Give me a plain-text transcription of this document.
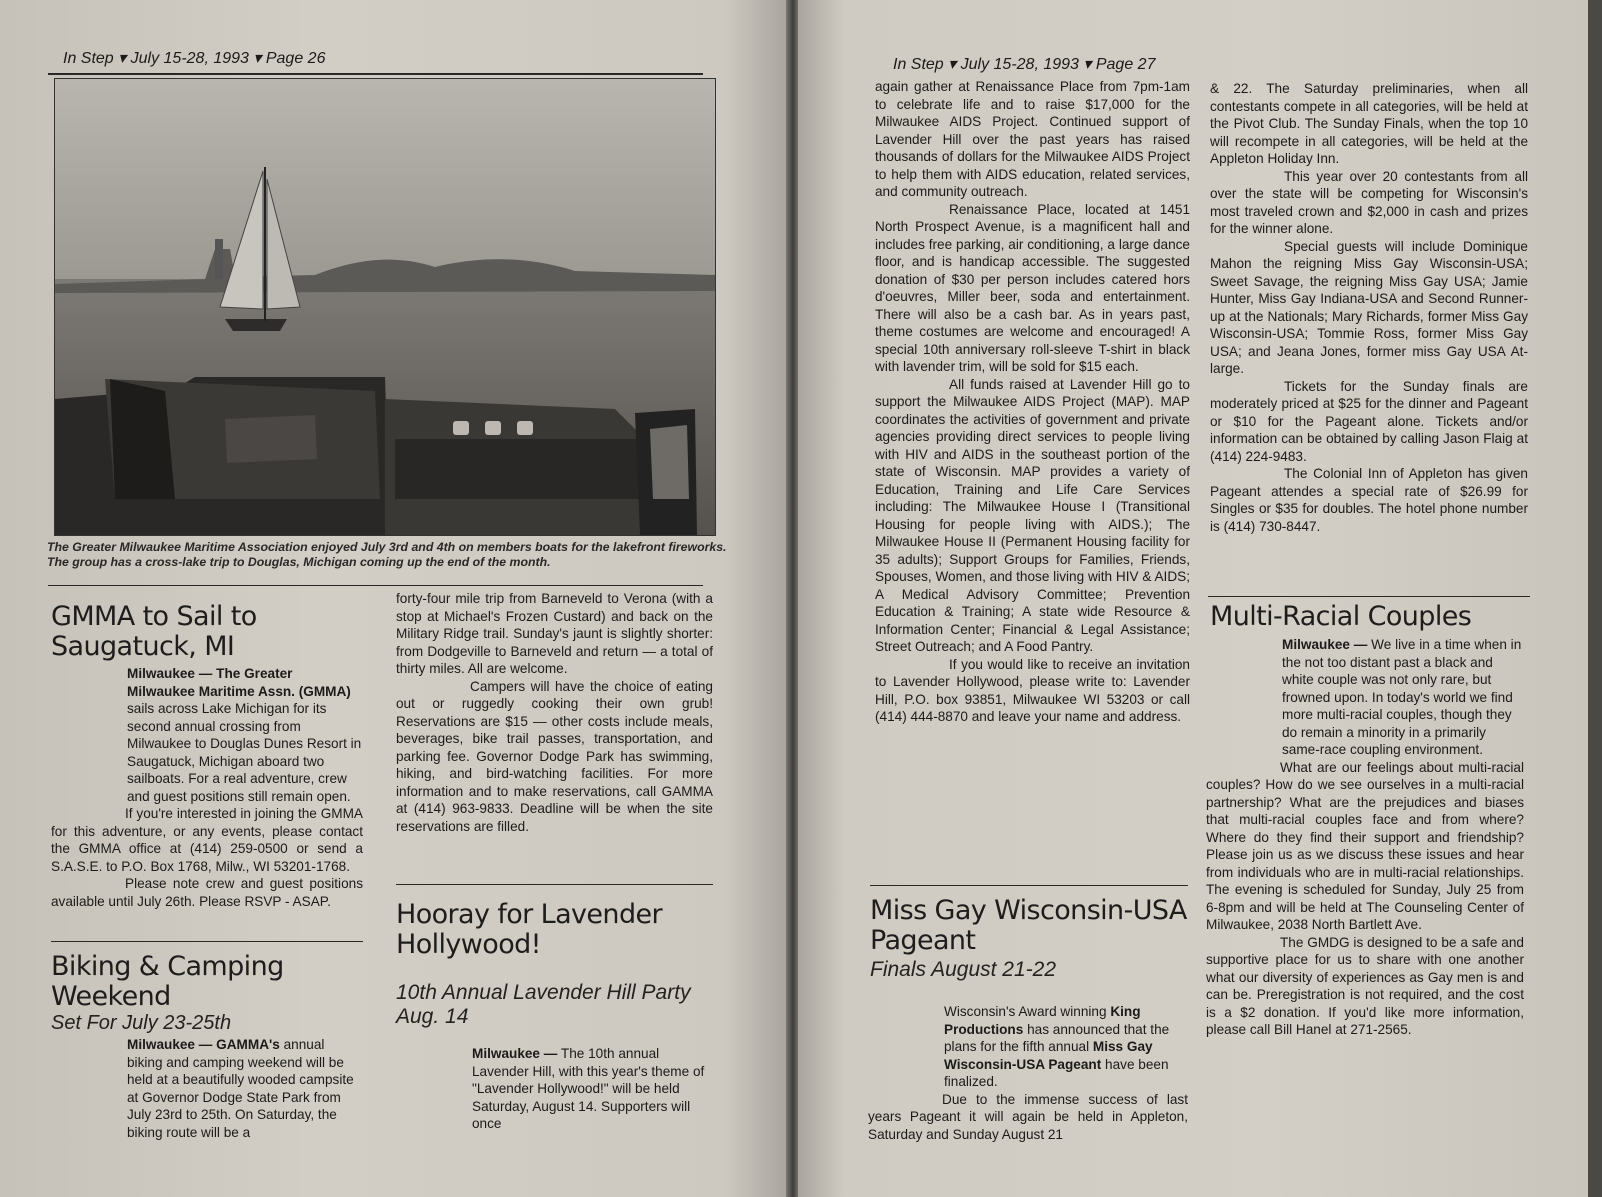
In Step ▾ July 15-28, 1993 ▾ Page 26
The Greater Milwaukee Maritime Association enjoyed July 3rd and 4th on members boats for the lakefront fireworks. The group has a cross-lake trip to Douglas, Michigan coming up the end of the month.
GMMA to Sail to Saugatuck, MI

Milwaukee — The Greater Milwaukee Maritime Assn. (GMMA) sails across Lake Michigan for its second annual crossing from Milwaukee to Douglas Dunes Resort in Saugatuck, Michigan aboard two sailboats. For a real adventure, crew and guest positions still remain open.

If you're interested in joining the GMMA for this adventure, or any events, please contact the GMMA office at (414) 259-0500 or send a S.A.S.E. to P.O. Box 1768, Milw., WI 53201-1768.

Please note crew and guest positions available until July 26th. Please RSVP - ASAP.

Biking & Camping Weekend
Set For July 23-25th

Milwaukee — GAMMA's annual biking and camping weekend will be held at a beautifully wooded campsite at Governor Dodge State Park from July 23rd to 25th. On Saturday, the biking route will be a

forty-four mile trip from Barneveld to Verona (with a stop at Michael's Frozen Custard) and back on the Military Ridge trail. Sunday's jaunt is slightly shorter: from Dodgeville to Barneveld and return — a total of thirty miles. All are welcome.

Campers will have the choice of eating out or ruggedly cooking their own grub! Reservations are $15 — other costs include meals, beverages, bike trail passes, transportation, and parking fee. Governor Dodge Park has swimming, hiking, and bird-watching facilities. For more information and to make reservations, call GAMMA at (414) 963-9833. Deadline will be when the site reservations are filled.

Hooray for Lavender Hollywood!
10th Annual Lavender Hill Party Aug. 14

Milwaukee — The 10th annual Lavender Hill, with this year's theme of "Lavender Hollywood!" will be held Saturday, August 14. Supporters will once

In Step ▾ July 15-28, 1993 ▾ Page 27

again gather at Renaissance Place from 7pm-1am to celebrate life and to raise $17,000 for the Milwaukee AIDS Project. Continued support of Lavender Hill over the past years has raised thousands of dollars for the Milwaukee AIDS Project to help them with AIDS education, related services, and community outreach.

Renaissance Place, located at 1451 North Prospect Avenue, is a magnificent hall and includes free parking, air conditioning, a large dance floor, and is handicap accessible. The suggested donation of $30 per person includes catered hors d'oeuvres, Miller beer, soda and entertainment. There will also be a cash bar. As in years past, theme costumes are welcome and encouraged! A special 10th anniversary roll-sleeve T-shirt in black with lavender trim, will be sold for $15 each.

All funds raised at Lavender Hill go to support the Milwaukee AIDS Project (MAP). MAP coordinates the activities of government and private agencies providing direct services to people living with HIV and AIDS in the southeast portion of the state of Wisconsin. MAP provides a variety of Education, Training and Life Care Services including: The Milwaukee House I (Transitional Housing for people living with AIDS.); The Milwaukee House II (Permanent Housing facility for 35 adults); Support Groups for Families, Friends, Spouses, Women, and those living with HIV & AIDS; A Medical Advisory Committee; Prevention Education & Training; A state wide Resource & Information Center; Financial & Legal Assistance; Street Outreach; and A Food Pantry.

If you would like to receive an invitation to Lavender Hollywood, please write to: Lavender Hill, P.O. box 93851, Milwaukee WI 53203 or call (414) 444-8870 and leave your name and address.

Miss Gay Wisconsin-USA Pageant
Finals August 21-22

Wisconsin's Award winning King Productions has announced that the plans for the fifth annual Miss Gay Wisconsin-USA Pageant have been finalized.

Due to the immense success of last years Pageant it will again be held in Appleton, Saturday and Sunday August 21

& 22. The Saturday preliminaries, when all contestants compete in all categories, will be held at the Pivot Club. The Sunday Finals, when the top 10 will recompete in all categories, will be held at the Appleton Holiday Inn.

This year over 20 contestants from all over the state will be competing for Wisconsin's most traveled crown and $2,000 in cash and prizes for the winner alone.

Special guests will include Dominique Mahon the reigning Miss Gay Wisconsin-USA; Sweet Savage, the reigning Miss Gay USA; Jamie Hunter, Miss Gay Indiana-USA and Second Runner-up at the Nationals; Mary Richards, former Miss Gay Wisconsin-USA; Tommie Ross, former Miss Gay USA; and Jeana Jones, former miss Gay USA At-large.

Tickets for the Sunday finals are moderately priced at $25 for the dinner and Pageant or $10 for the Pageant alone. Tickets and/or information can be obtained by calling Jason Flaig at (414) 224-9483.

The Colonial Inn of Appleton has given Pageant attendes a special rate of $26.99 for Singles or $35 for doubles. The hotel phone number is (414) 730-8447.

Multi-Racial Couples

Milwaukee — We live in a time when in the not too distant past a black and white couple was not only rare, but frowned upon. In today's world we find more multi-racial couples, though they do remain a minority in a primarily same-race coupling environment.

What are our feelings about multi-racial couples? How do we see ourselves in a multi-racial partnership? What are the prejudices and biases that multi-racial couples face and from where? Where do they find their support and friendship? Please join us as we discuss these issues and hear from individuals who are in multi-racial relationships. The evening is scheduled for Sunday, July 25 from 6-8pm and will be held at The Counseling Center of Milwaukee, 2038 North Bartlett Ave.

The GMDG is designed to be a safe and supportive place for us to share with one another what our diversity of experiences as Gay men is and can be. Preregistration is not required, and the cost is a $2 donation. If you'd like more information, please call Bill Hanel at 271-2565.
